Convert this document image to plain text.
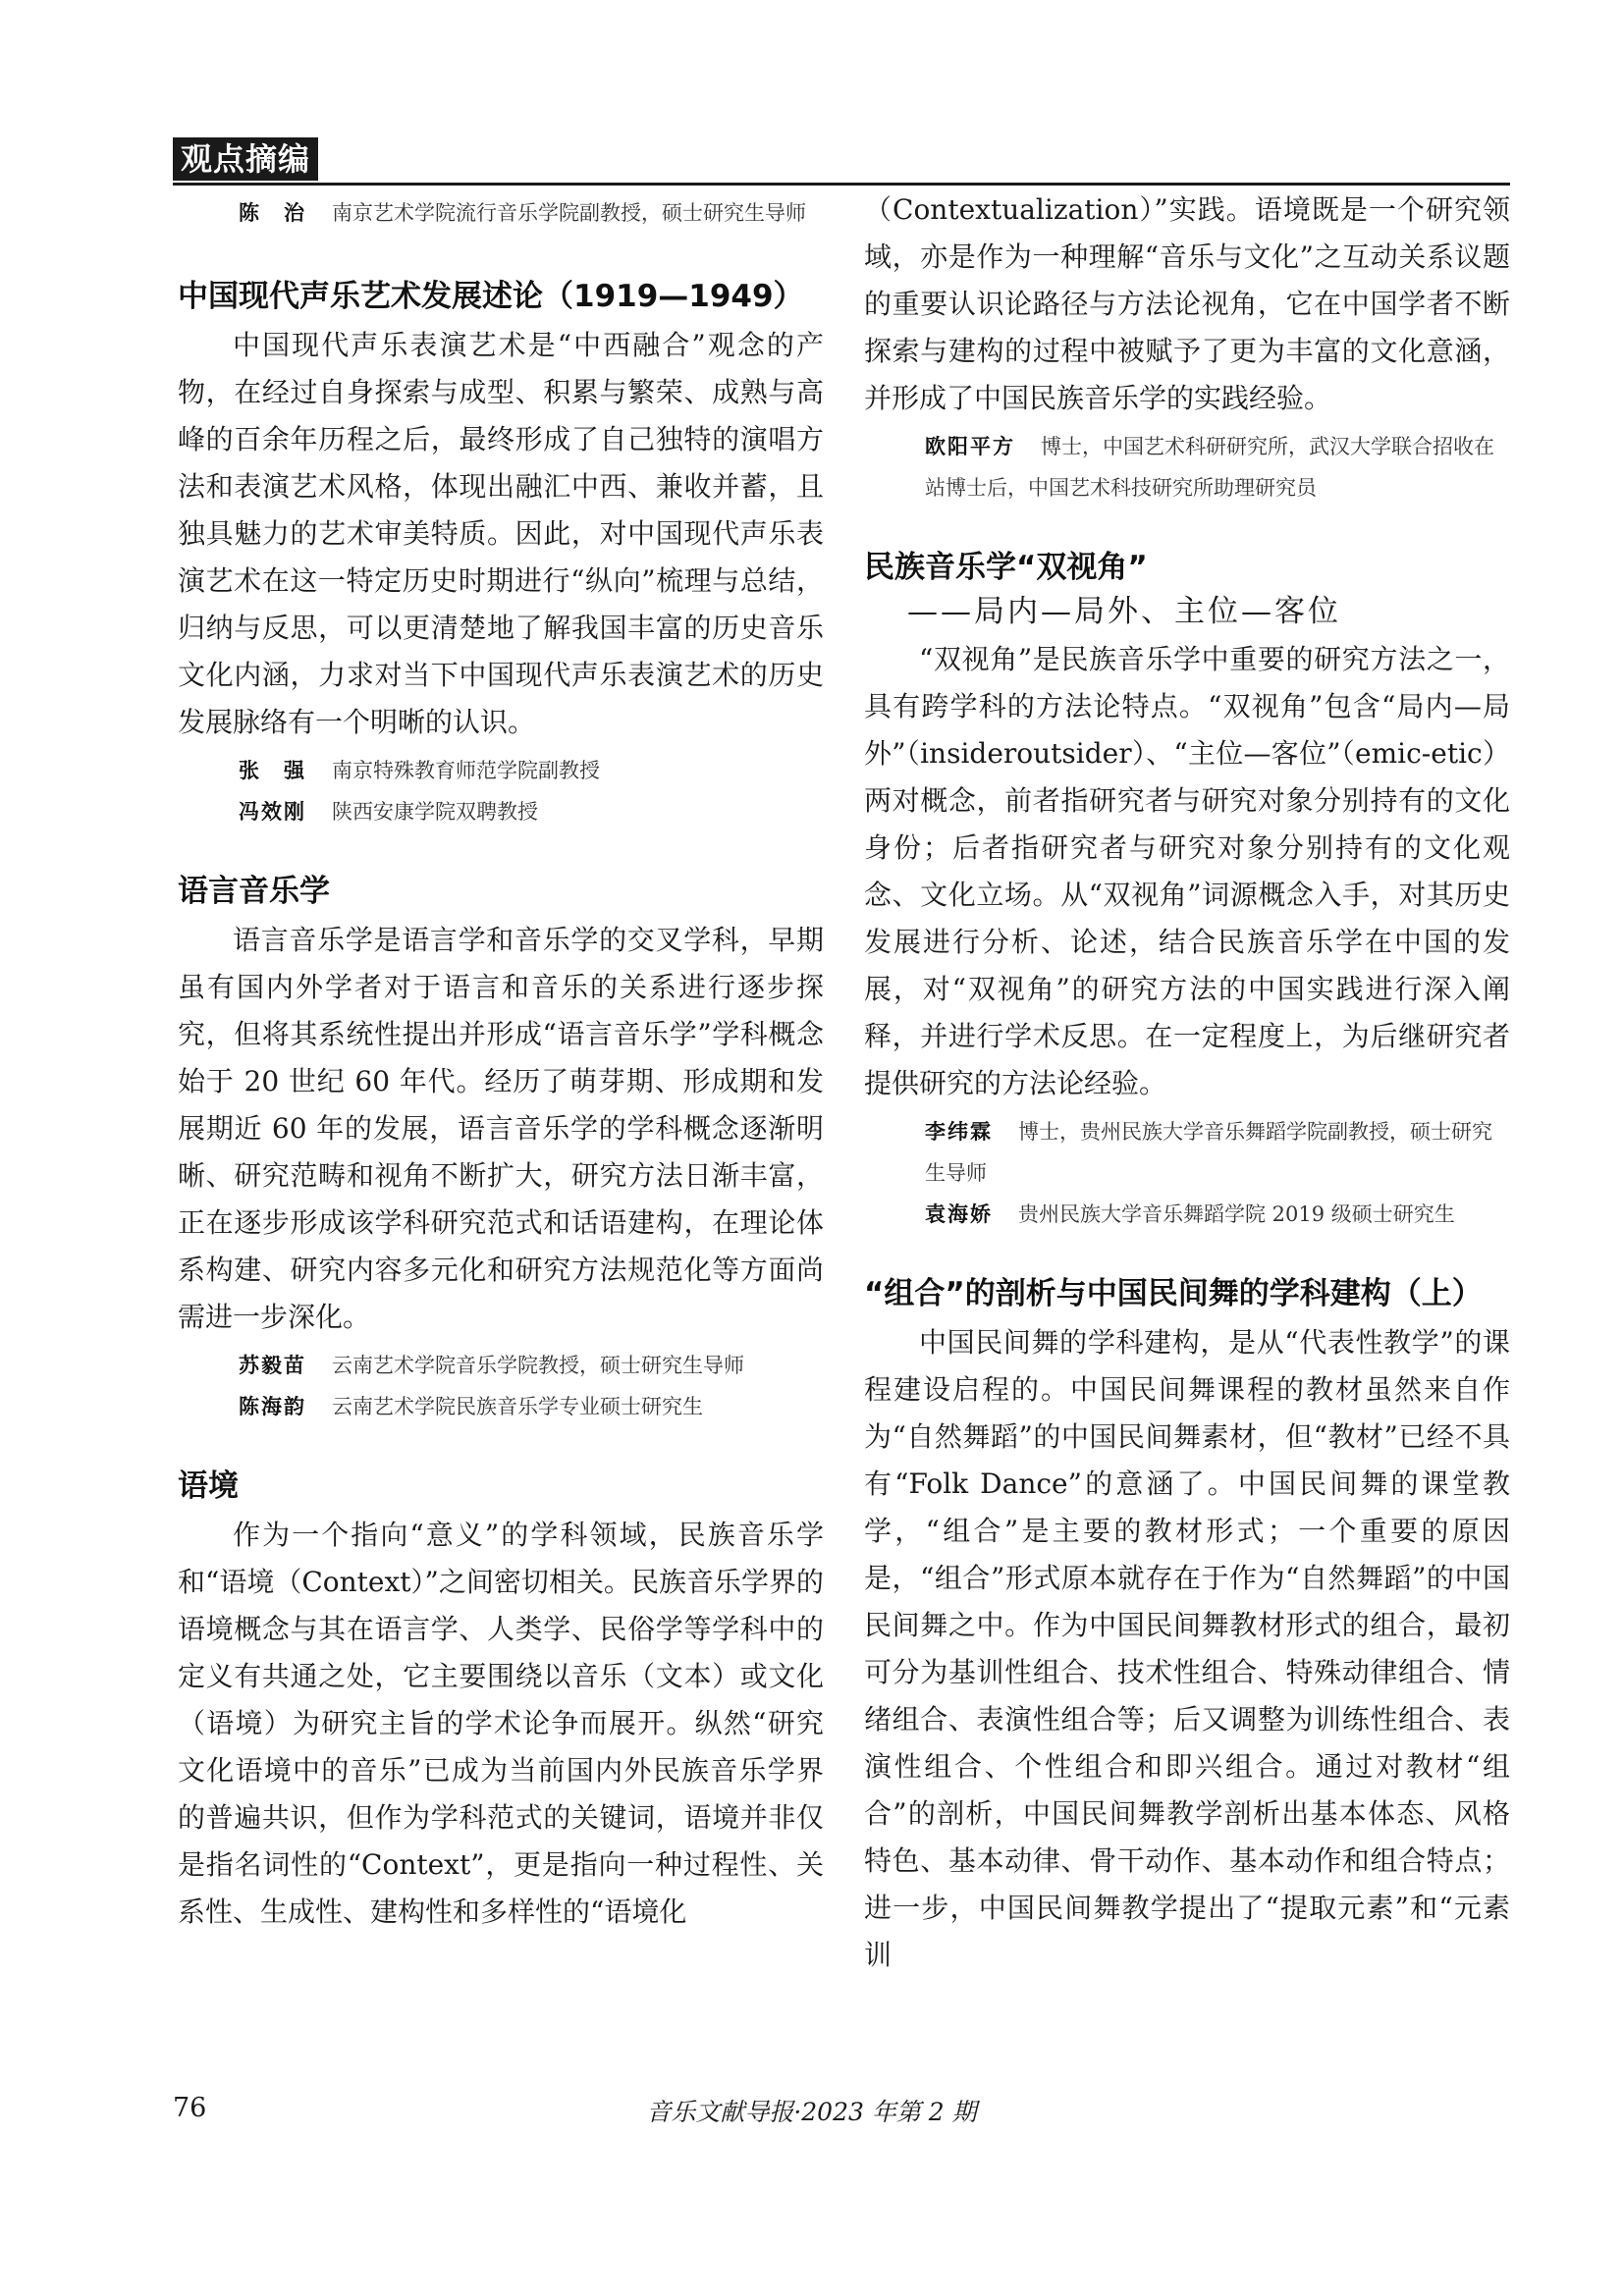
观点摘编

陈　治 南京艺术学院流行音乐学院副教授，硕士研究生导师

中国现代声乐艺术发展述论（1919—1949）

中国现代声乐表演艺术是“中西融合”观念的产物，在经过自身探索与成型、积累与繁荣、成熟与高峰的百余年历程之后，最终形成了自己独特的演唱方法和表演艺术风格，体现出融汇中西、兼收并蓄，且独具魅力的艺术审美特质。因此，对中国现代声乐表演艺术在这一特定历史时期进行“纵向”梳理与总结，归纳与反思，可以更清楚地了解我国丰富的历史音乐文化内涵，力求对当下中国现代声乐表演艺术的历史发展脉络有一个明晰的认识。

张　强 南京特殊教育师范学院副教授

冯效刚 陕西安康学院双聘教授

语言音乐学

语言音乐学是语言学和音乐学的交叉学科，早期虽有国内外学者对于语言和音乐的关系进行逐步探究，但将其系统性提出并形成“语言音乐学”学科概念始于 20 世纪 60 年代。经历了萌芽期、形成期和发展期近 60 年的发展，语言音乐学的学科概念逐渐明晰、研究范畴和视角不断扩大，研究方法日渐丰富，正在逐步形成该学科研究范式和话语建构，在理论体系构建、研究内容多元化和研究方法规范化等方面尚需进一步深化。

苏毅苗 云南艺术学院音乐学院教授，硕士研究生导师

陈海韵 云南艺术学院民族音乐学专业硕士研究生

语境

作为一个指向“意义”的学科领域，民族音乐学和“语境（Context）”之间密切相关。民族音乐学界的语境概念与其在语言学、人类学、民俗学等学科中的定义有共通之处，它主要围绕以音乐（文本）或文化（语境）为研究主旨的学术论争而展开。纵然“研究文化语境中的音乐”已成为当前国内外民族音乐学界的普遍共识，但作为学科范式的关键词，语境并非仅是指名词性的“Context”，更是指向一种过程性、关系性、生成性、建构性和多样性的“语境化

（Contextualization）”实践。语境既是一个研究领域，亦是作为一种理解“音乐与文化”之互动关系议题的重要认识论路径与方法论视角，它在中国学者不断探索与建构的过程中被赋予了更为丰富的文化意涵，并形成了中国民族音乐学的实践经验。

欧阳平方 博士，中国艺术科研研究所，武汉大学联合招收在站博士后，中国艺术科技研究所助理研究员

民族音乐学“双视角”

——局内—局外、主位—客位

“双视角”是民族音乐学中重要的研究方法之一，具有跨学科的方法论特点。“双视角”包含“局内—局外”（insideroutsider）、“主位—客位”（emic-etic）两对概念，前者指研究者与研究对象分别持有的文化身份；后者指研究者与研究对象分别持有的文化观念、文化立场。从“双视角”词源概念入手，对其历史发展进行分析、论述，结合民族音乐学在中国的发展，对“双视角”的研究方法的中国实践进行深入阐释，并进行学术反思。在一定程度上，为后继研究者提供研究的方法论经验。

李纬霖 博士，贵州民族大学音乐舞蹈学院副教授，硕士研究生导师

袁海娇 贵州民族大学音乐舞蹈学院 2019 级硕士研究生

“组合”的剖析与中国民间舞的学科建构（上）

中国民间舞的学科建构，是从“代表性教学”的课程建设启程的。中国民间舞课程的教材虽然来自作为“自然舞蹈”的中国民间舞素材，但“教材”已经不具有“Folk Dance”的意涵了。中国民间舞的课堂教学，“组合”是主要的教材形式；一个重要的原因是，“组合”形式原本就存在于作为“自然舞蹈”的中国民间舞之中。作为中国民间舞教材形式的组合，最初可分为基训性组合、技术性组合、特殊动律组合、情绪组合、表演性组合等；后又调整为训练性组合、表演性组合、个性组合和即兴组合。通过对教材“组合”的剖析，中国民间舞教学剖析出基本体态、风格特色、基本动律、骨干动作、基本动作和组合特点；进一步，中国民间舞教学提出了“提取元素”和“元素训

76	音乐文献导报·2023 年第 2 期
